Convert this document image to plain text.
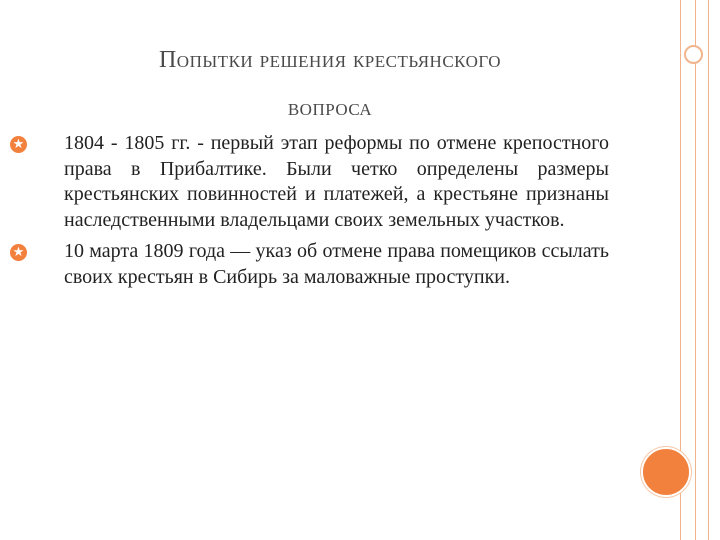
Попытки решения крестьянского
вопроса
★ 1804 - 1805 гг. - первый этап реформы по отмене крепостного права в Прибалтике. Были четко определены размеры крестьянских повинностей и платежей, а крестьяне признаны наследственными владельцами своих земельных участков.
★ 10 марта 1809 года — указ об отмене права помещиков ссылать своих крестьян в Сибирь за маловажные проступки.
